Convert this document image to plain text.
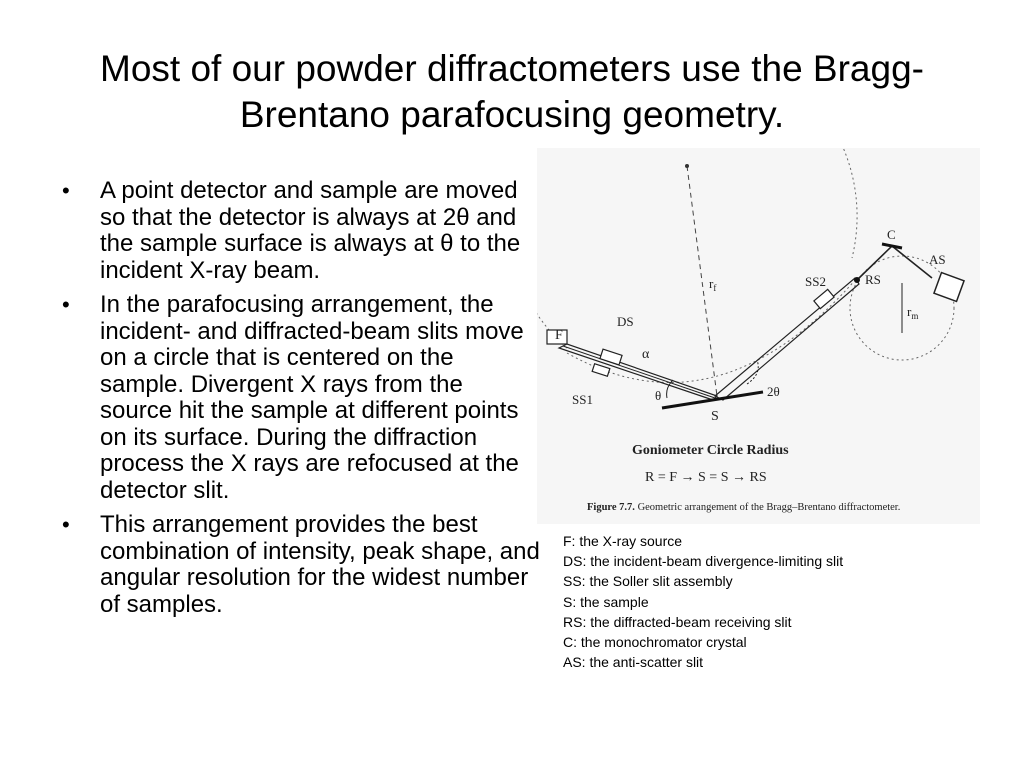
Most of our powder diffractometers use the Bragg-Brentano parafocusing geometry.
• A point detector and sample are moved so that the detector is always at 2θ and the sample surface is always at θ to the incident X-ray beam.
• In the parafocusing arrangement, the incident- and diffracted-beam slits move on a circle that is centered on the sample. Divergent X rays from the source hit the sample at different points on its surface. During the diffraction process the X rays are refocused at the detector slit.
• This arrangement provides the best combination of intensity, peak shape, and angular resolution for the widest number of samples.
F
DS
SS1
α
θ
S
2θ
$r_f$	SS2	RS
C
AS
$r_m$
Goniometer Circle Radius
R = F → S = S → RS
Figure 7.7. Geometric arrangement of the Bragg–Brentano diffractometer.
F: the X-ray source
DS: the incident-beam divergence-limiting slit
SS: the Soller slit assembly
S: the sample
RS: the diffracted-beam receiving slit
C: the monochromator crystal
AS: the anti-scatter slit
